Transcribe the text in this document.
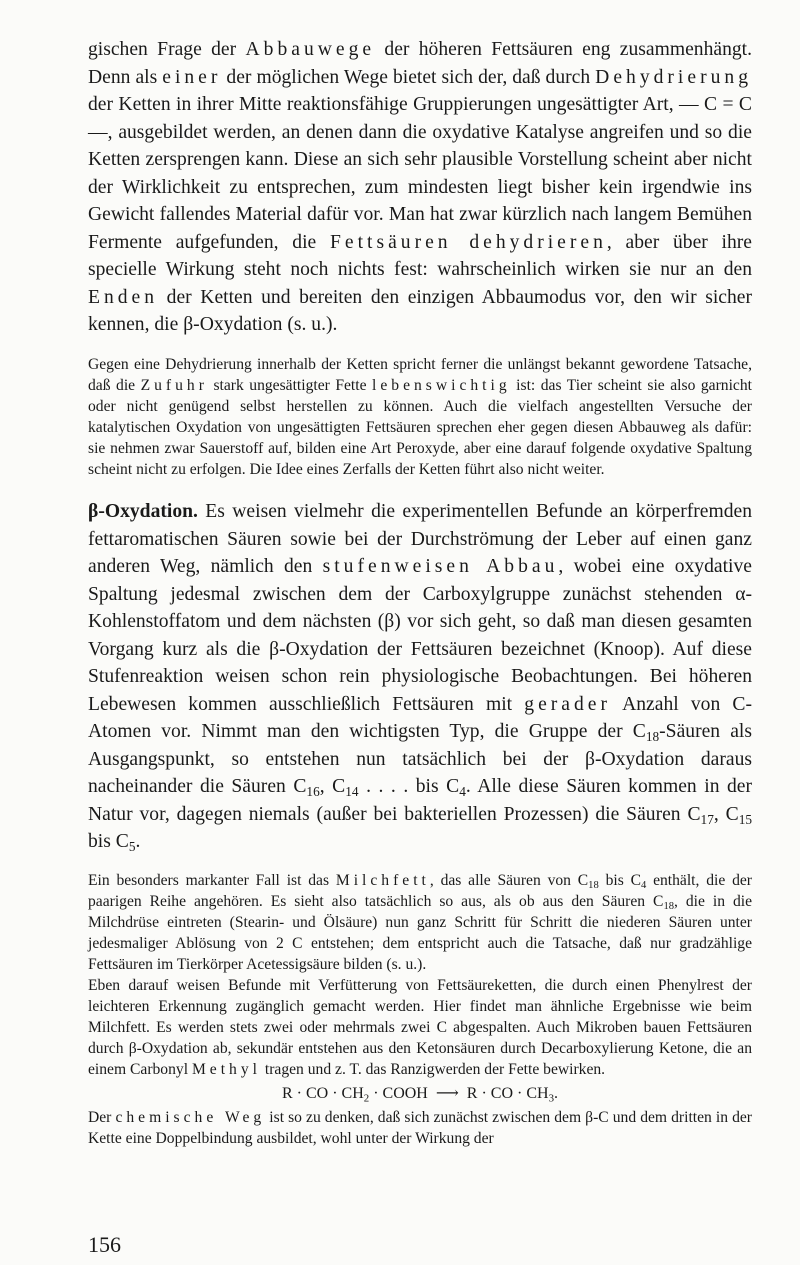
gischen Frage der Abbauwege der höheren Fettsäuren eng zusammenhängt. Denn als einer der möglichen Wege bietet sich der, daß durch Dehydrierung der Ketten in ihrer Mitte reaktionsfähige Gruppierungen ungesättigter Art, — C = C —, ausgebildet werden, an denen dann die oxydative Katalyse angreifen und so die Ketten zersprengen kann. Diese an sich sehr plausible Vorstellung scheint aber nicht der Wirklichkeit zu entsprechen, zum mindesten liegt bisher kein irgendwie ins Gewicht fallendes Material dafür vor. Man hat zwar kürzlich nach langem Bemühen Fermente aufgefunden, die Fettsäuren dehydrieren, aber über ihre specielle Wirkung steht noch nichts fest: wahrscheinlich wirken sie nur an den Enden der Ketten und bereiten den einzigen Abbaumodus vor, den wir sicher kennen, die β-Oxydation (s. u.).

Gegen eine Dehydrierung innerhalb der Ketten spricht ferner die unlängst bekannt gewordene Tatsache, daß die Zufuhr stark ungesättigter Fette lebenswichtig ist: das Tier scheint sie also garnicht oder nicht genügend selbst herstellen zu können. Auch die vielfach angestellten Versuche der katalytischen Oxydation von ungesättigten Fettsäuren sprechen eher gegen diesen Abbauweg als dafür: sie nehmen zwar Sauerstoff auf, bilden eine Art Peroxyde, aber eine darauf folgende oxydative Spaltung scheint nicht zu erfolgen. Die Idee eines Zerfalls der Ketten führt also nicht weiter.

β-Oxydation. Es weisen vielmehr die experimentellen Befunde an körperfremden fettaromatischen Säuren sowie bei der Durchströmung der Leber auf einen ganz anderen Weg, nämlich den stufenweisen Abbau, wobei eine oxydative Spaltung jedesmal zwischen dem der Carboxylgruppe zunächst stehenden α-Kohlenstoffatom und dem nächsten (β) vor sich geht, so daß man diesen gesamten Vorgang kurz als die β-Oxydation der Fettsäuren bezeichnet (Knoop). Auf diese Stufenreaktion weisen schon rein physiologische Beobachtungen. Bei höheren Lebewesen kommen ausschließlich Fettsäuren mit gerader Anzahl von C-Atomen vor. Nimmt man den wichtigsten Typ, die Gruppe der $C_{18}$-Säuren als Ausgangspunkt, so entstehen nun tatsächlich bei der β-Oxydation daraus nacheinander die Säuren $C_{16}$, $C_{14}$ . . . . bis $C_4$. Alle diese Säuren kommen in der Natur vor, dagegen niemals (außer bei bakteriellen Prozessen) die Säuren $C_{17}$, $C_{15}$ bis $C_5$.

Ein besonders markanter Fall ist das Milchfett, das alle Säuren von $C_{18}$ bis $C_4$ enthält, die der paarigen Reihe angehören. Es sieht also tatsächlich so aus, als ob aus den Säuren $C_{18}$, die in die Milchdrüse eintreten (Stearin- und Ölsäure) nun ganz Schritt für Schritt die niederen Säuren unter jedesmaliger Ablösung von 2 C entstehen; dem entspricht auch die Tatsache, daß nur gradzählige Fettsäuren im Tierkörper Acetessigsäure bilden (s. u.).

Eben darauf weisen Befunde mit Verfütterung von Fettsäureketten, die durch einen Phenylrest der leichteren Erkennung zugänglich gemacht werden. Hier findet man ähnliche Ergebnisse wie beim Milchfett. Es werden stets zwei oder mehrmals zwei C abgespalten. Auch Mikroben bauen Fettsäuren durch β-Oxydation ab, sekundär entstehen aus den Ketonsäuren durch Decarboxylierung Ketone, die an einem Carbonyl Methyl tragen und z. T. das Ranzigwerden der Fette bewirken.

R · CO · $CH_2$ · COOH ⟶ R · CO · $CH_3$.

Der chemische Weg ist so zu denken, daß sich zunächst zwischen dem β-C und dem dritten in der Kette eine Doppelbindung ausbildet, wohl unter der Wirkung der

156
